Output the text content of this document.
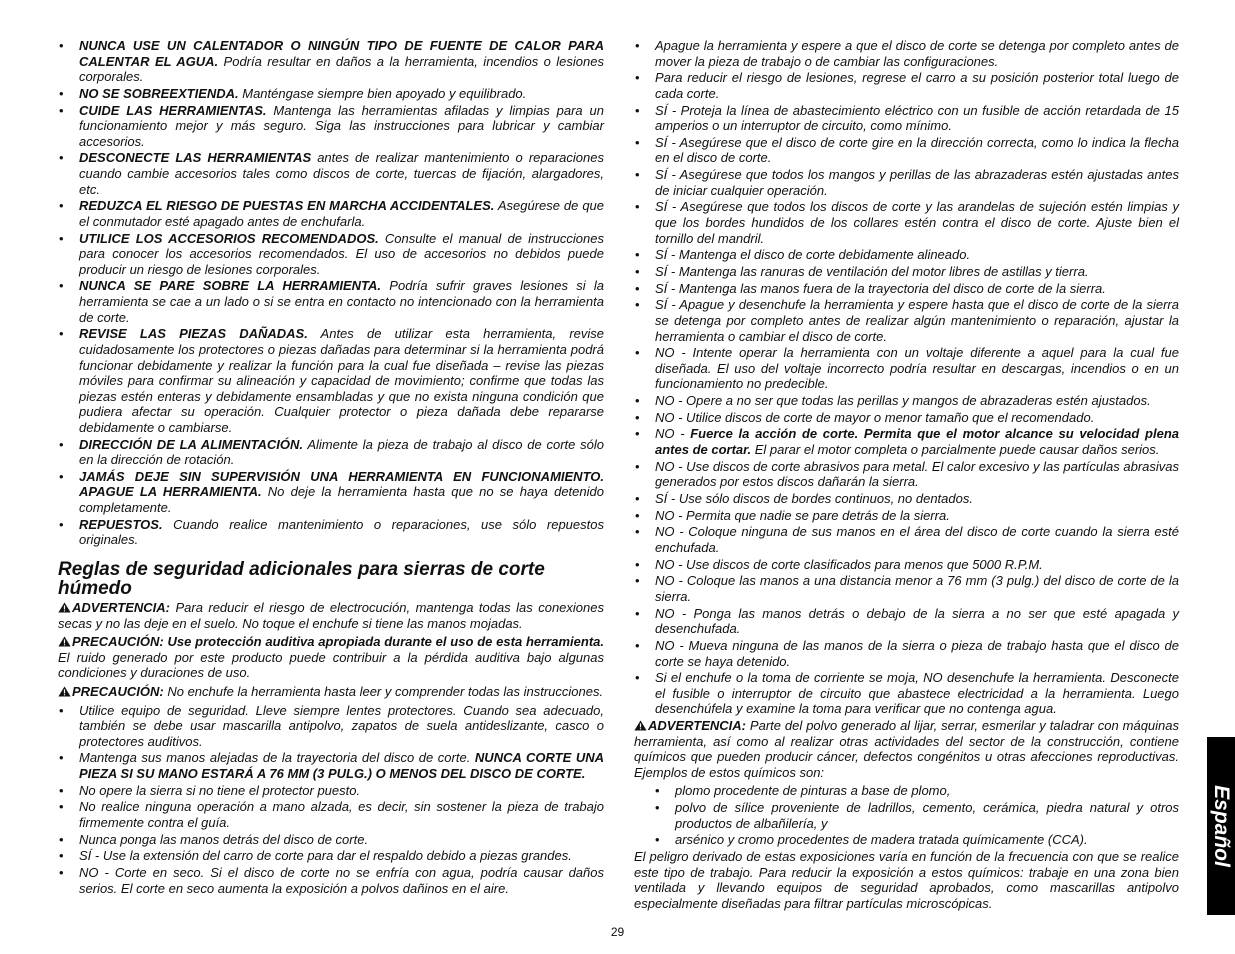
• NUNCA USE UN CALENTADOR O NINGÚN TIPO DE FUENTE DE CALOR PARA CALENTAR EL AGUA. Podría resultar en daños a la herramienta, incendios o lesiones corporales.
• NO SE SOBREEXTIENDA. Manténgase siempre bien apoyado y equilibrado.
• CUIDE LAS HERRAMIENTAS. Mantenga las herramientas afiladas y limpias para un funcionamiento mejor y más seguro. Siga las instrucciones para lubricar y cambiar accesorios.
• DESCONECTE LAS HERRAMIENTAS antes de realizar mantenimiento o reparaciones cuando cambie accesorios tales como discos de corte, tuercas de fijación, alargadores, etc.
• REDUZCA EL RIESGO DE PUESTAS EN MARCHA ACCIDENTALES. Asegúrese de que el conmutador esté apagado antes de enchufarla.
• UTILICE LOS ACCESORIOS RECOMENDADOS. Consulte el manual de instrucciones para conocer los accesorios recomendados. El uso de accesorios no debidos puede producir un riesgo de lesiones corporales.
• NUNCA SE PARE SOBRE LA HERRAMIENTA. Podría sufrir graves lesiones si la herramienta se cae a un lado o si se entra en contacto no intencionado con la herramienta de corte.
• REVISE LAS PIEZAS DAÑADAS. Antes de utilizar esta herramienta, revise cuidadosamente los protectores o piezas dañadas para determinar si la herramienta podrá funcionar debidamente y realizar la función para la cual fue diseñada – revise las piezas móviles para confirmar su alineación y capacidad de movimiento; confirme que todas las piezas estén enteras y debidamente ensambladas y que no exista ninguna condición que pudiera afectar su operación. Cualquier protector o pieza dañada debe repararse debidamente o cambiarse.
• DIRECCIÓN DE LA ALIMENTACIÓN. Alimente la pieza de trabajo al disco de corte sólo en la dirección de rotación.
• JAMÁS DEJE SIN SUPERVISIÓN UNA HERRAMIENTA EN FUNCIONAMIENTO. APAGUE LA HERRAMIENTA. No deje la herramienta hasta que no se haya detenido completamente.
• REPUESTOS. Cuando realice mantenimiento o reparaciones, use sólo repuestos originales.
Reglas de seguridad adicionales para sierras de corte húmedo

ADVERTENCIA: Para reducir el riesgo de electrocución, mantenga todas las conexiones secas y no las deje en el suelo. No toque el enchufe si tiene las manos mojadas.

PRECAUCIÓN: Use protección auditiva apropiada durante el uso de esta herramienta. El ruido generado por este producto puede contribuir a la pérdida auditiva bajo algunas condiciones y duraciones de uso.

PRECAUCIÓN: No enchufe la herramienta hasta leer y comprender todas las instrucciones.

• Utilice equipo de seguridad. Lleve siempre lentes protectores. Cuando sea adecuado, también se debe usar mascarilla antipolvo, zapatos de suela antideslizante, casco o protectores auditivos.
• Mantenga sus manos alejadas de la trayectoria del disco de corte. NUNCA CORTE UNA PIEZA SI SU MANO ESTARÁ A 76 MM (3 PULG.) O MENOS DEL DISCO DE CORTE.
• No opere la sierra si no tiene el protector puesto.
• No realice ninguna operación a mano alzada, es decir, sin sostener la pieza de trabajo firmemente contra el guía.
• Nunca ponga las manos detrás del disco de corte.
• SÍ - Use la extensión del carro de corte para dar el respaldo debido a piezas grandes.
• NO - Corte en seco. Si el disco de corte no se enfría con agua, podría causar daños serios. El corte en seco aumenta la exposición a polvos dañinos en el aire.
• Apague la herramienta y espere a que el disco de corte se detenga por completo antes de mover la pieza de trabajo o de cambiar las configuraciones.
• Para reducir el riesgo de lesiones, regrese el carro a su posición posterior total luego de cada corte.
• SÍ - Proteja la línea de abastecimiento eléctrico con un fusible de acción retardada de 15 amperios o un interruptor de circuito, como mínimo.
• SÍ - Asegúrese que el disco de corte gire en la dirección correcta, como lo indica la flecha en el disco de corte.
• SÍ - Asegúrese que todos los mangos y perillas de las abrazaderas estén ajustadas antes de iniciar cualquier operación.
• SÍ - Asegúrese que todos los discos de corte y las arandelas de sujeción estén limpias y que los bordes hundidos de los collares estén contra el disco de corte. Ajuste bien el tornillo del mandril.
• SÍ - Mantenga el disco de corte debidamente alineado.
• SÍ - Mantenga las ranuras de ventilación del motor libres de astillas y tierra.
• SÍ - Mantenga las manos fuera de la trayectoria del disco de corte de la sierra.
• SÍ - Apague y desenchufe la herramienta y espere hasta que el disco de corte de la sierra se detenga por completo antes de realizar algún mantenimiento o reparación, ajustar la herramienta o cambiar el disco de corte.
• NO - Intente operar la herramienta con un voltaje diferente a aquel para la cual fue diseñada. El uso del voltaje incorrecto podría resultar en descargas, incendios o en un funcionamiento no predecible.
• NO - Opere a no ser que todas las perillas y mangos de abrazaderas estén ajustados.
• NO - Utilice discos de corte de mayor o menor tamaño que el recomendado.
• NO - Fuerce la acción de corte. Permita que el motor alcance su velocidad plena antes de cortar. El parar el motor completa o parcialmente puede causar daños serios.
• NO - Use discos de corte abrasivos para metal. El calor excesivo y las partículas abrasivas generados por estos discos dañarán la sierra.
• SÍ - Use sólo discos de bordes continuos, no dentados.
• NO - Permita que nadie se pare detrás de la sierra.
• NO - Coloque ninguna de sus manos en el área del disco de corte cuando la sierra esté enchufada.
• NO - Use discos de corte clasificados para menos que 5000 R.P.M.
• NO - Coloque las manos a una distancia menor a 76 mm (3 pulg.) del disco de corte de la sierra.
• NO - Ponga las manos detrás o debajo de la sierra a no ser que esté apagada y desenchufada.
• NO - Mueva ninguna de las manos de la sierra o pieza de trabajo hasta que el disco de corte se haya detenido.
• Si el enchufe o la toma de corriente se moja, NO desenchufe la herramienta. Desconecte el fusible o interruptor de circuito que abastece electricidad a la herramienta. Luego desenchúfela y examine la toma para verificar que no contenga agua.

ADVERTENCIA: Parte del polvo generado al lijar, serrar, esmerilar y taladrar con máquinas herramienta, así como al realizar otras actividades del sector de la construcción, contiene químicos que pueden producir cáncer, defectos congénitos u otras afecciones reproductivas. Ejemplos de estos químicos son:

• plomo procedente de pinturas a base de plomo,
• polvo de sílice proveniente de ladrillos, cemento, cerámica, piedra natural y otros productos de albañilería, y
• arsénico y cromo procedentes de madera tratada químicamente (CCA).

El peligro derivado de estas exposiciones varía en función de la frecuencia con que se realice este tipo de trabajo. Para reducir la exposición a estos químicos: trabaje en una zona bien ventilada y llevando equipos de seguridad aprobados, como mascarillas antipolvo especialmente diseñadas para filtrar partículas microscópicas.

29
Español
